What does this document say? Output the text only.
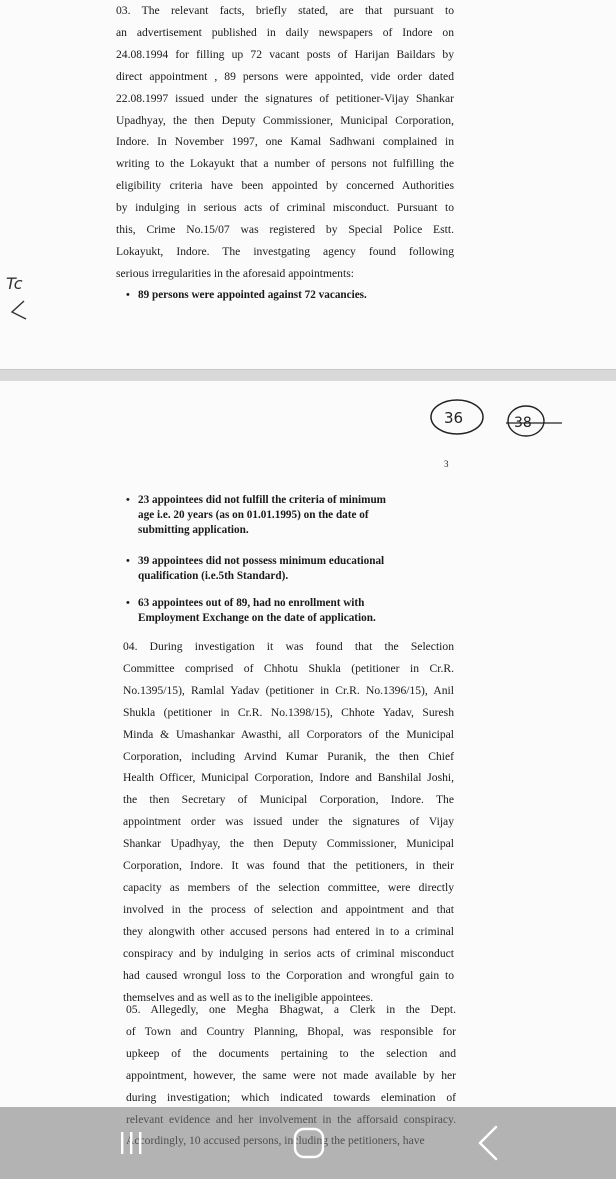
03. The relevant facts, briefly stated, are that pursuant to
an advertisement published in daily newspapers of Indore on
24.08.1994 for filling up 72 vacant posts of Harijan Baildars by
direct appointment , 89 persons were appointed, vide order dated
22.08.1997 issued under the signatures of petitioner-Vijay Shankar
Upadhyay, the then Deputy Commissioner, Municipal Corporation,
Indore. In November 1997, one Kamal Sadhwani complained in
writing to the Lokayukt that a number of persons not fulfilling the
eligibility criteria have been appointed by concerned Authorities
by indulging in serious acts of criminal misconduct. Pursuant to
this, Crime No.15/07 was registered by Special Police Estt.
Lokayukt, Indore. The investgating agency found following
serious irregularities in the aforesaid appointments:
• 89 persons were appointed against 72 vacancies.
Tc
36	38
3
• 23 appointees did not fulfill the criteria of minimum
age i.e. 20 years (as on 01.01.1995) on the date of
submitting application.
• 39 appointees did not possess minimum educational
qualification (i.e.5th Standard).
• 63 appointees out of 89, had no enrollment with
Employment Exchange on the date of application.
04. During investigation it was found that the Selection
Committee comprised of Chhotu Shukla (petitioner in Cr.R.
No.1395/15), Ramlal Yadav (petitioner in Cr.R. No.1396/15), Anil
Shukla (petitioner in Cr.R. No.1398/15), Chhote Yadav, Suresh
Minda & Umashankar Awasthi, all Corporators of the Municipal
Corporation, including Arvind Kumar Puranik, the then Chief
Health Officer, Municipal Corporation, Indore and Banshilal Joshi,
the then Secretary of Municipal Corporation, Indore. The
appointment order was issued under the signatures of Vijay
Shankar Upadhyay, the then Deputy Commissioner, Municipal
Corporation, Indore. It was found that the petitioners, in their
capacity as members of the selection committee, were directly
involved in the process of selection and appointment and that
they alongwith other accused persons had entered in to a criminal
conspiracy and by indulging in serios acts of criminal misconduct
had caused wrongul loss to the Corporation and wrongful gain to
themselves and as well as to the ineligible appointees.
05. Allegedly, one Megha Bhagwat, a Clerk in the Dept.
of Town and Country Planning, Bhopal, was responsible for
upkeep of the documents pertaining to the selection and
appointment, however, the same were not made available by her
during investigation; which indicated towards elemination of
